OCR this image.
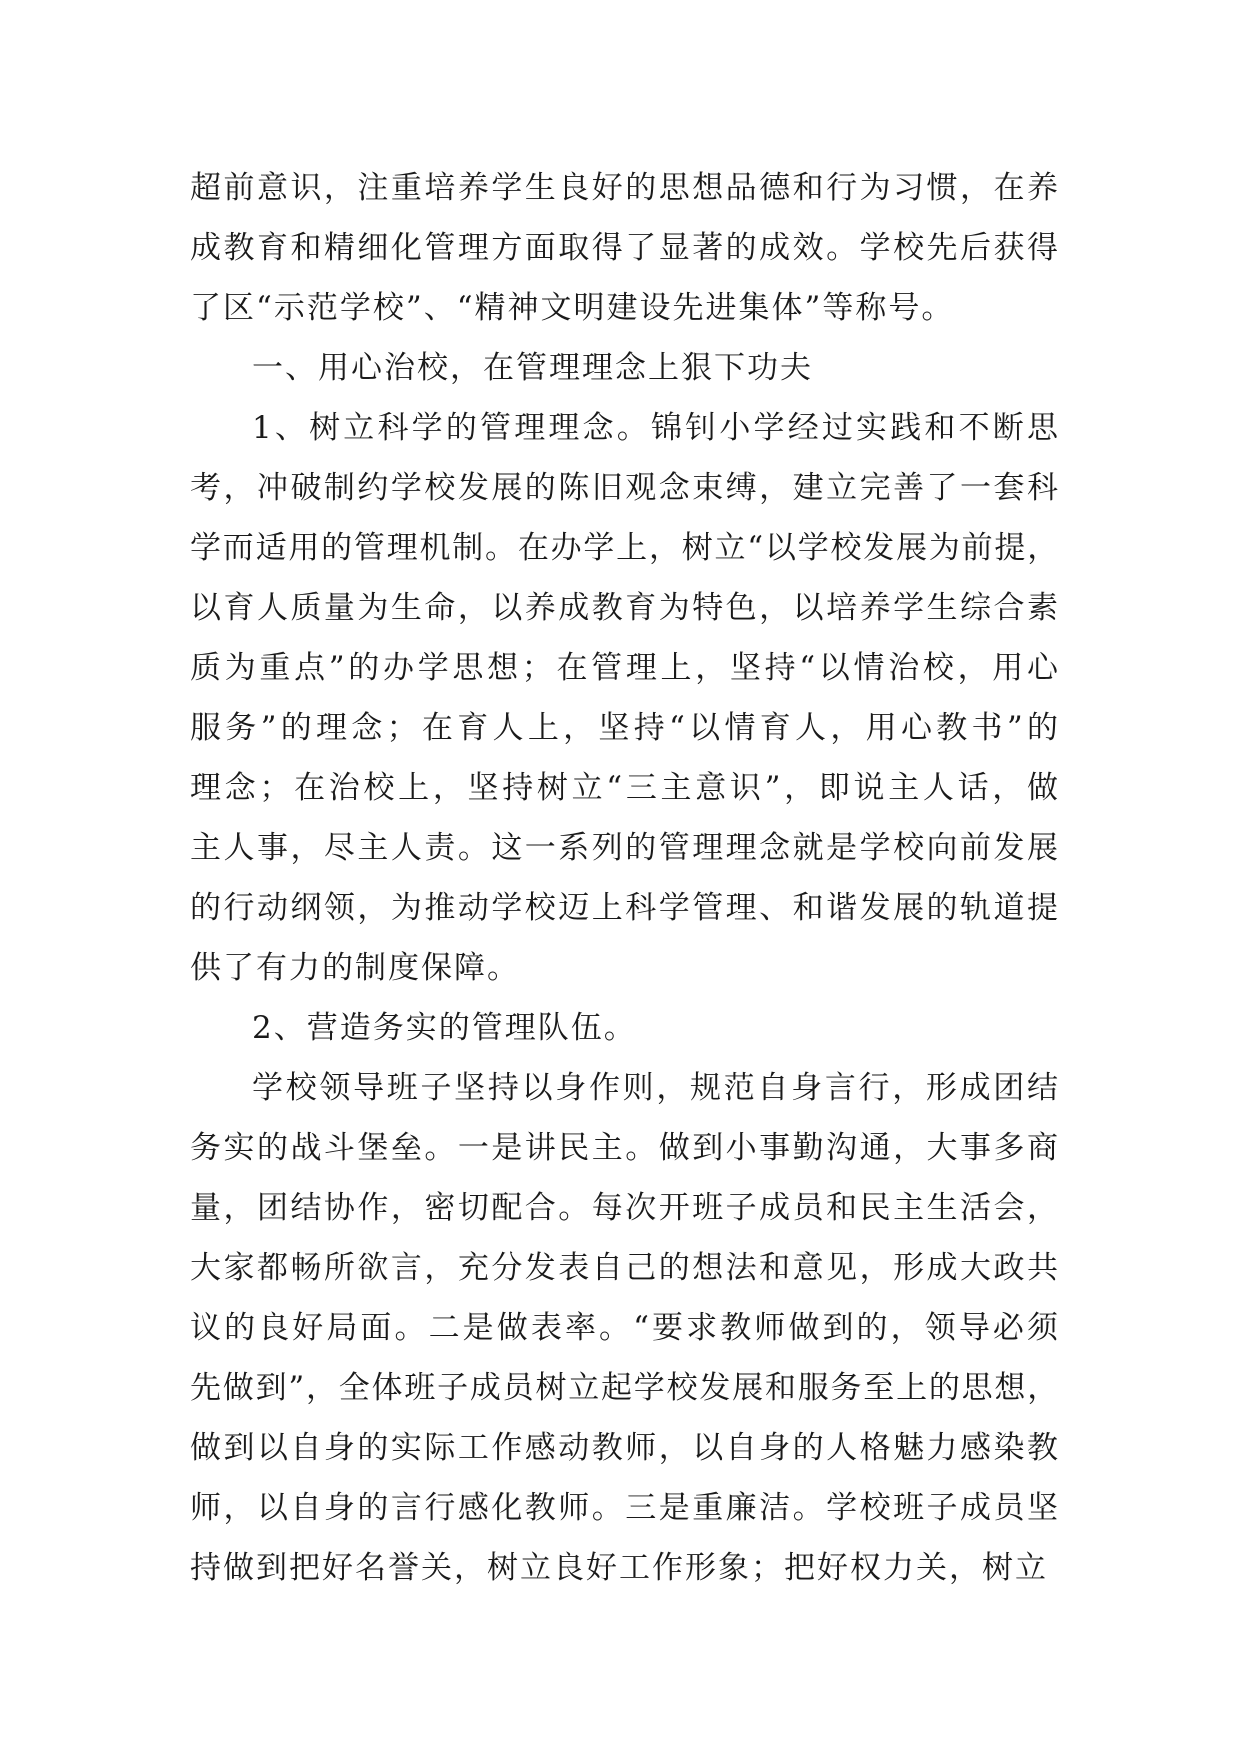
超前意识，注重培养学生良好的思想品德和行为习惯，在养
成教育和精细化管理方面取得了显著的成效。学校先后获得
了区“示范学校”、“精神文明建设先进集体”等称号。
一、用心治校，在管理理念上狠下功夫
1、树立科学的管理理念。锦钊小学经过实践和不断思
考，冲破制约学校发展的陈旧观念束缚，建立完善了一套科
学而适用的管理机制。在办学上，树立“以学校发展为前提，
以育人质量为生命，以养成教育为特色，以培养学生综合素
质为重点”的办学思想；在管理上，坚持“以情治校，用心
服务”的理念；在育人上，坚持“以情育人，用心教书”的
理念；在治校上，坚持树立“三主意识”，即说主人话，做
主人事，尽主人责。这一系列的管理理念就是学校向前发展
的行动纲领，为推动学校迈上科学管理、和谐发展的轨道提
供了有力的制度保障。
2、营造务实的管理队伍。
学校领导班子坚持以身作则，规范自身言行，形成团结
务实的战斗堡垒。一是讲民主。做到小事勤沟通，大事多商
量，团结协作，密切配合。每次开班子成员和民主生活会，
大家都畅所欲言，充分发表自己的想法和意见，形成大政共
议的良好局面。二是做表率。“要求教师做到的，领导必须
先做到”，全体班子成员树立起学校发展和服务至上的思想，
做到以自身的实际工作感动教师，以自身的人格魅力感染教
师，以自身的言行感化教师。三是重廉洁。学校班子成员坚
持做到把好名誉关，树立良好工作形象；把好权力关，树立
